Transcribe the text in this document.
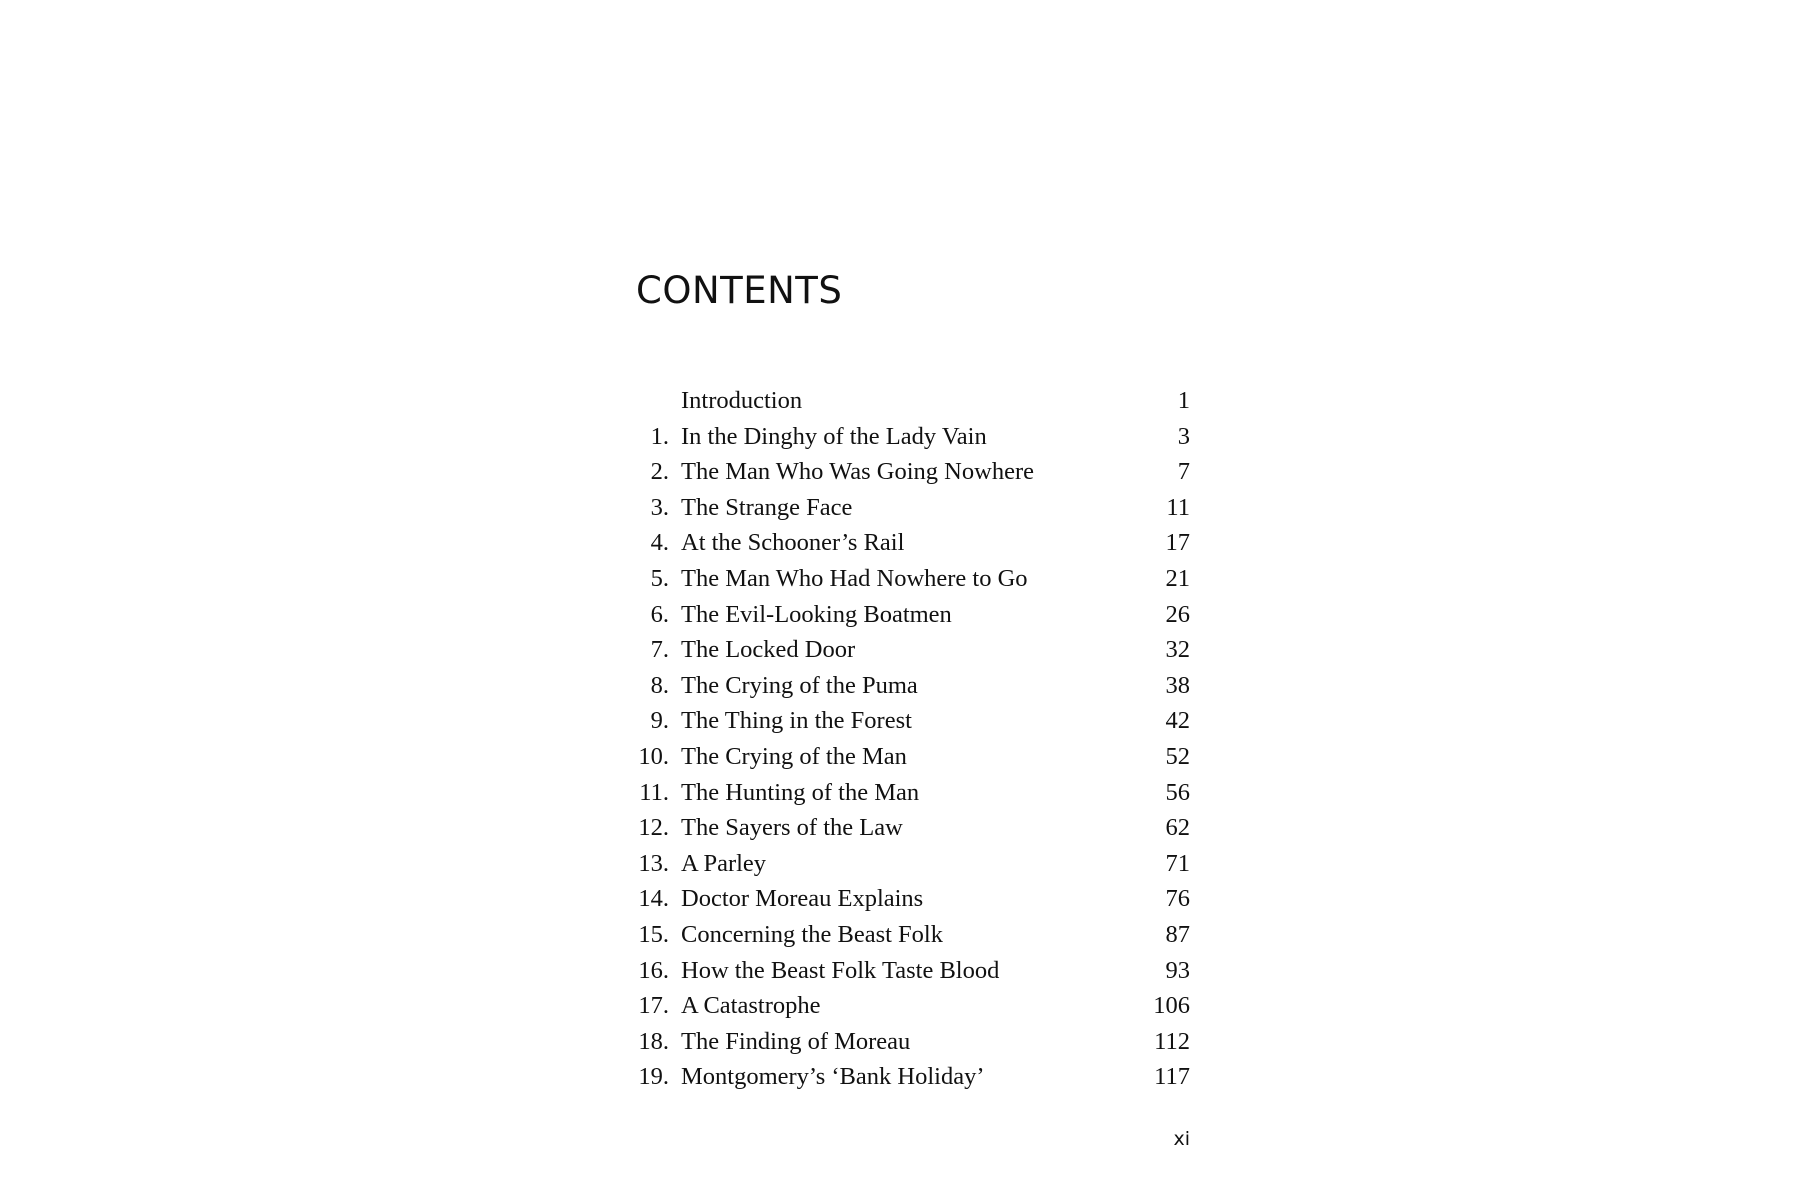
CONTENTS
Introduction	1
1. In the Dinghy of the Lady Vain	3
2. The Man Who Was Going Nowhere	7
3. The Strange Face	11
4. At the Schooner’s Rail	17
5. The Man Who Had Nowhere to Go	21
6. The Evil-Looking Boatmen	26
7. The Locked Door	32
8. The Crying of the Puma	38
9. The Thing in the Forest	42
10. The Crying of the Man	52
11. The Hunting of the Man	56
12. The Sayers of the Law	62
13. A Parley	71
14. Doctor Moreau Explains	76
15. Concerning the Beast Folk	87
16. How the Beast Folk Taste Blood	93
17. A Catastrophe	106
18. The Finding of Moreau	112
19. Montgomery’s ‘Bank Holiday’	117
xi
